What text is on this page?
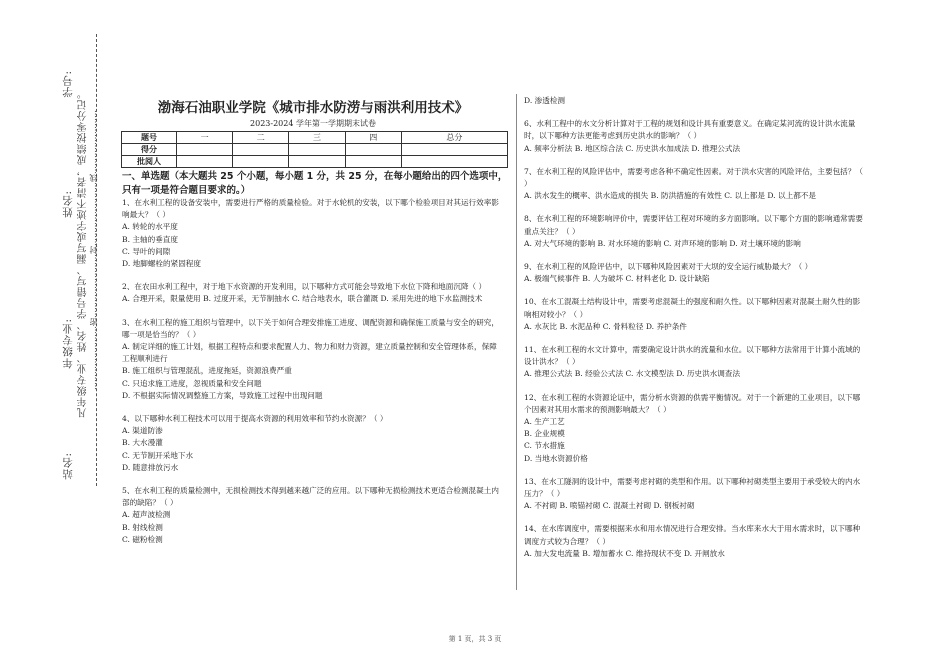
学号:
姓名: 凡年级专业、姓名、学号错写、漏写或字迹不清者，成绩按零分记。 ……………………密……………………封……………………线……………………
年级专业:
站名:
渤海石油职业学院《城市排水防涝与雨洪利用技术》
2023-2024 学年第一学期期末试卷
题号	一	二	三	四	总分
得分					
批阅人					
一、单选题（本大题共 25 个小题，每小题 1 分，共 25 分，在每小题给出的四个选项中，只有一项是符合题目要求的。）

1、在水利工程的设备安装中，需要进行严格的质量检验。对于水轮机的安装，以下哪个检验项目对其运行效率影响最大？（ ）

A. 转轮的水平度

B. 主轴的垂直度

C. 导叶的间隙

D. 地脚螺栓的紧固程度

2、在农田水利工程中，对于地下水资源的开发利用，以下哪种方式可能会导致地下水位下降和地面沉降（ ）

A. 合理开采，限量使用 B. 过度开采，无节制抽水 C. 结合地表水，联合灌溉 D. 采用先进的地下水监测技术

3、在水利工程的施工组织与管理中，以下关于如何合理安排施工进度、调配资源和确保施工质量与安全的研究，哪一项是恰当的？（ ）

A. 制定详细的施工计划，根据工程特点和要求配置人力、物力和财力资源，建立质量控制和安全管理体系，保障工程顺利进行

B. 施工组织与管理混乱，进度拖延，资源浪费严重

C. 只追求施工进度，忽视质量和安全问题

D. 不根据实际情况调整施工方案，导致施工过程中出现问题

4、以下哪种水利工程技术可以用于提高水资源的利用效率和节约水资源？（ ）

A. 渠道防渗

B. 大水漫灌

C. 无节制开采地下水

D. 随意排放污水

5、在水利工程的质量检测中，无损检测技术得到越来越广泛的应用。以下哪种无损检测技术更适合检测混凝土内部的缺陷？（ ）

A. 超声波检测

B. 射线检测

C. 磁粉检测

D. 渗透检测

6、水利工程中的水文分析计算对于工程的规划和设计具有重要意义。在确定某河流的设计洪水流量时，以下哪种方法更能考虑到历史洪水的影响？（ ）

A. 频率分析法 B. 地区综合法 C. 历史洪水加成法 D. 推理公式法

7、在水利工程的风险评估中，需要考虑各种不确定性因素。对于洪水灾害的风险评估，主要包括？（ ）

A. 洪水发生的概率、洪水造成的损失 B. 防洪措施的有效性 C. 以上都是 D. 以上都不是

8、在水利工程的环境影响评价中，需要评估工程对环境的多方面影响。以下哪个方面的影响通常需要重点关注？（ ）

A. 对大气环境的影响 B. 对水环境的影响 C. 对声环境的影响 D. 对土壤环境的影响

9、在水利工程的风险评估中，以下哪种风险因素对于大坝的安全运行威胁最大？（ ）

A. 极端气候事件 B. 人为破坏 C. 材料老化 D. 设计缺陷

10、在水工混凝土结构设计中，需要考虑混凝土的强度和耐久性。以下哪种因素对混凝土耐久性的影响相对较小？（ ）

A. 水灰比 B. 水泥品种 C. 骨料粒径 D. 养护条件

11、在水利工程的水文计算中，需要确定设计洪水的流量和水位。以下哪种方法常用于计算小流域的设计洪水？（ ）

A. 推理公式法 B. 经验公式法 C. 水文模型法 D. 历史洪水调查法

12、在水利工程的水资源论证中，需分析水资源的供需平衡情况。对于一个新建的工业项目，以下哪个因素对其用水需求的预测影响最大？（ ）

A. 生产工艺

B. 企业规模

C. 节水措施

D. 当地水资源价格

13、在水工隧洞的设计中，需要考虑衬砌的类型和作用。以下哪种衬砌类型主要用于承受较大的内水压力？（ ）

A. 不衬砌 B. 喷锚衬砌 C. 混凝土衬砌 D. 钢板衬砌

14、在水库调度中，需要根据来水和用水情况进行合理安排。当水库来水大于用水需求时，以下哪种调度方式较为合理？（ ）

A. 加大发电流量 B. 增加蓄水 C. 维持现状不变 D. 开闸放水

第 1 页，共 3 页
